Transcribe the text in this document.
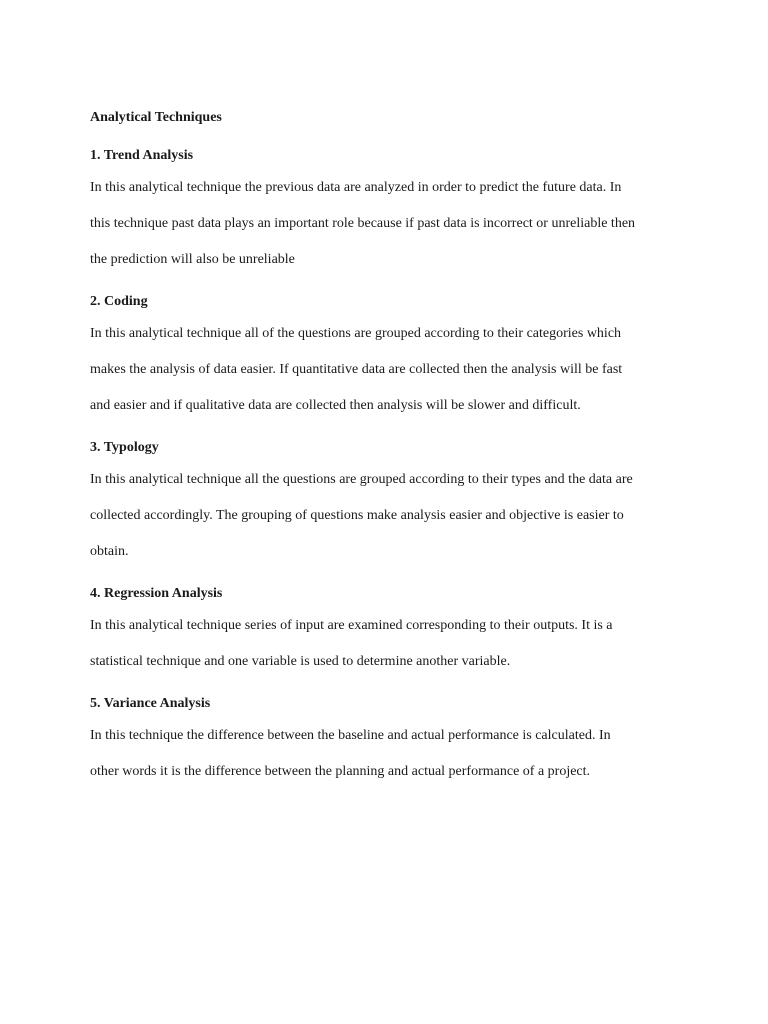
Analytical Techniques
1. Trend Analysis

In this analytical technique the previous data are analyzed in order to predict the future data. In
this technique past data plays an important role because if past data is incorrect or unreliable then
the prediction will also be unreliable

2. Coding

In this analytical technique all of the questions are grouped according to their categories which
makes the analysis of data easier. If quantitative data are collected then the analysis will be fast
and easier and if qualitative data are collected then analysis will be slower and difficult.

3. Typology

In this analytical technique all the questions are grouped according to their types and the data are
collected accordingly. The grouping of questions make analysis easier and objective is easier to
obtain.

4. Regression Analysis

In this analytical technique series of input are examined corresponding to their outputs. It is a
statistical technique and one variable is used to determine another variable.

5. Variance Analysis

In this technique the difference between the baseline and actual performance is calculated. In
other words it is the difference between the planning and actual performance of a project.
